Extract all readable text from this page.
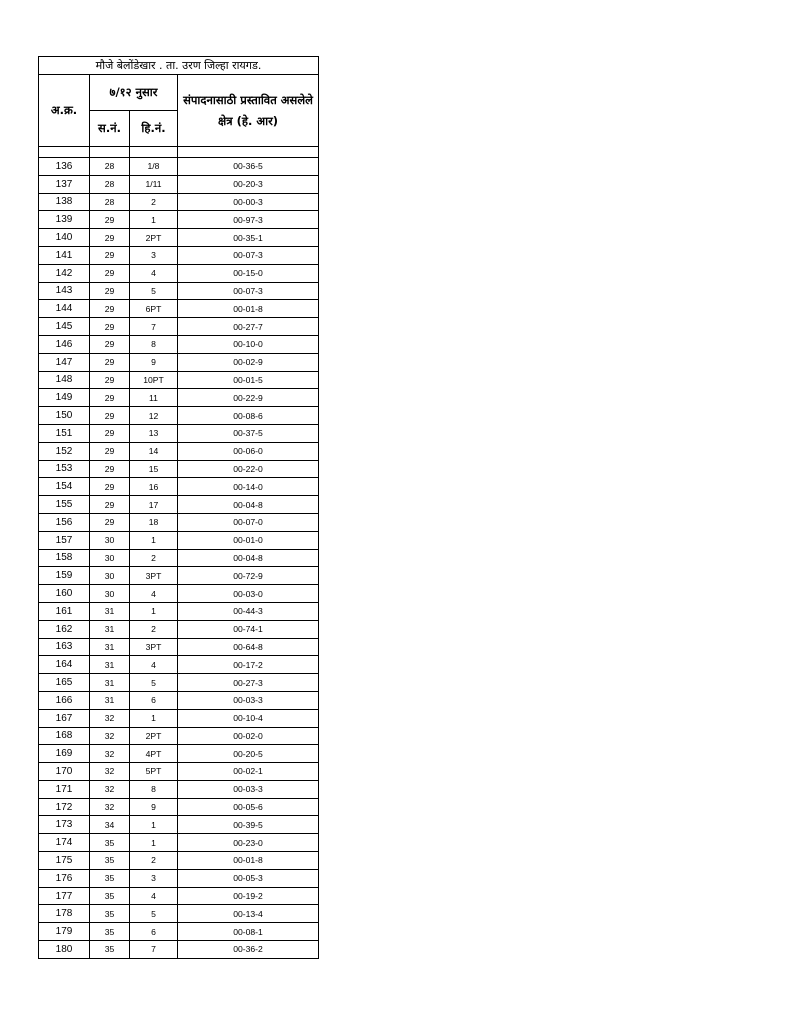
मौजे बेलोंडेखार . ता. उरण जिल्हा रायगड.			
अ.क्र.	७/१२ नुसार		संपादनासाठी प्रस्तावित असलेले क्षेत्र (हे. आर)
	स.नं.	हि.नं.	

136	28	1/8	00-36-5
137	28	1/11	00-20-3
138	28	2	00-00-3
139	29	1	00-97-3
140	29	2PT	00-35-1
141	29	3	00-07-3
142	29	4	00-15-0
143	29	5	00-07-3
144	29	6PT	00-01-8
145	29	7	00-27-7
146	29	8	00-10-0
147	29	9	00-02-9
148	29	10PT	00-01-5
149	29	11	00-22-9
150	29	12	00-08-6
151	29	13	00-37-5
152	29	14	00-06-0
153	29	15	00-22-0
154	29	16	00-14-0
155	29	17	00-04-8
156	29	18	00-07-0
157	30	1	00-01-0
158	30	2	00-04-8
159	30	3PT	00-72-9
160	30	4	00-03-0
161	31	1	00-44-3
162	31	2	00-74-1
163	31	3PT	00-64-8
164	31	4	00-17-2
165	31	5	00-27-3
166	31	6	00-03-3
167	32	1	00-10-4
168	32	2PT	00-02-0
169	32	4PT	00-20-5
170	32	5PT	00-02-1
171	32	8	00-03-3
172	32	9	00-05-6
173	34	1	00-39-5
174	35	1	00-23-0
175	35	2	00-01-8
176	35	3	00-05-3
177	35	4	00-19-2
178	35	5	00-13-4
179	35	6	00-08-1
180	35	7	00-36-2
